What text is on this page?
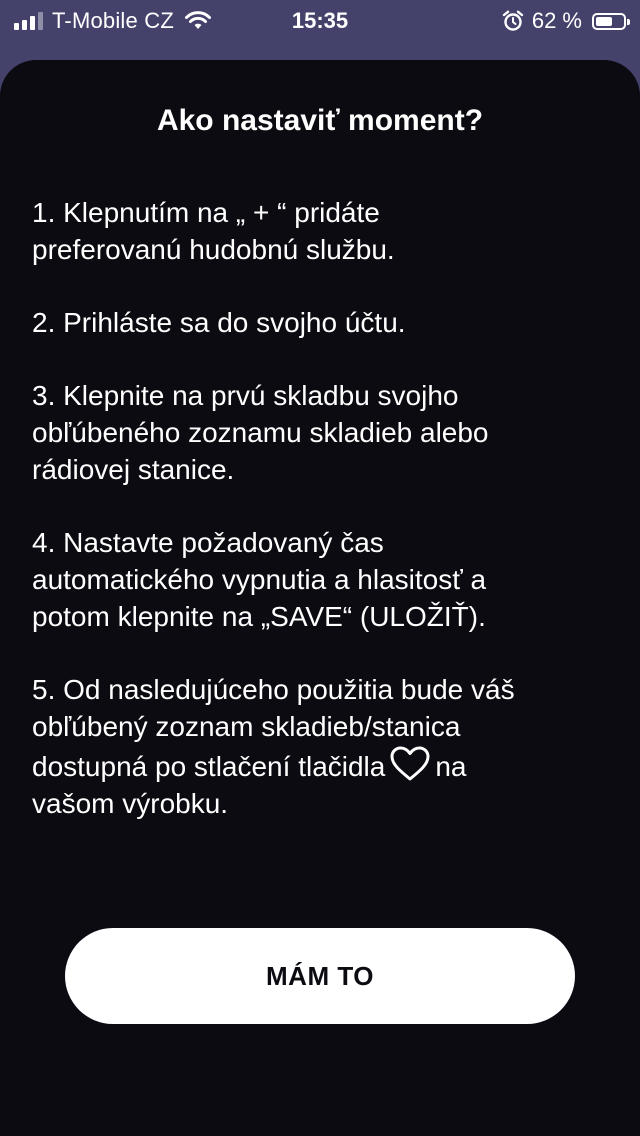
T-Mobile CZ	15:35	62 %
Ako nastaviť moment?

1. Klepnutím na „ + “ pridáte

preferovanú hudobnú službu.

2. Prihláste sa do svojho účtu.

3. Klepnite na prvú skladbu svojho

obľúbeného zoznamu skladieb alebo

rádiovej stanice.

4. Nastavte požadovaný čas

automatického vypnutia a hlasitosť a

potom klepnite na „SAVE“ (ULOŽIŤ).

5. Od nasledujúceho použitia bude váš

obľúbený zoznam skladieb/stanica

dostupná po stlačení tlačidla na

vašom výrobku.

MÁM TO
